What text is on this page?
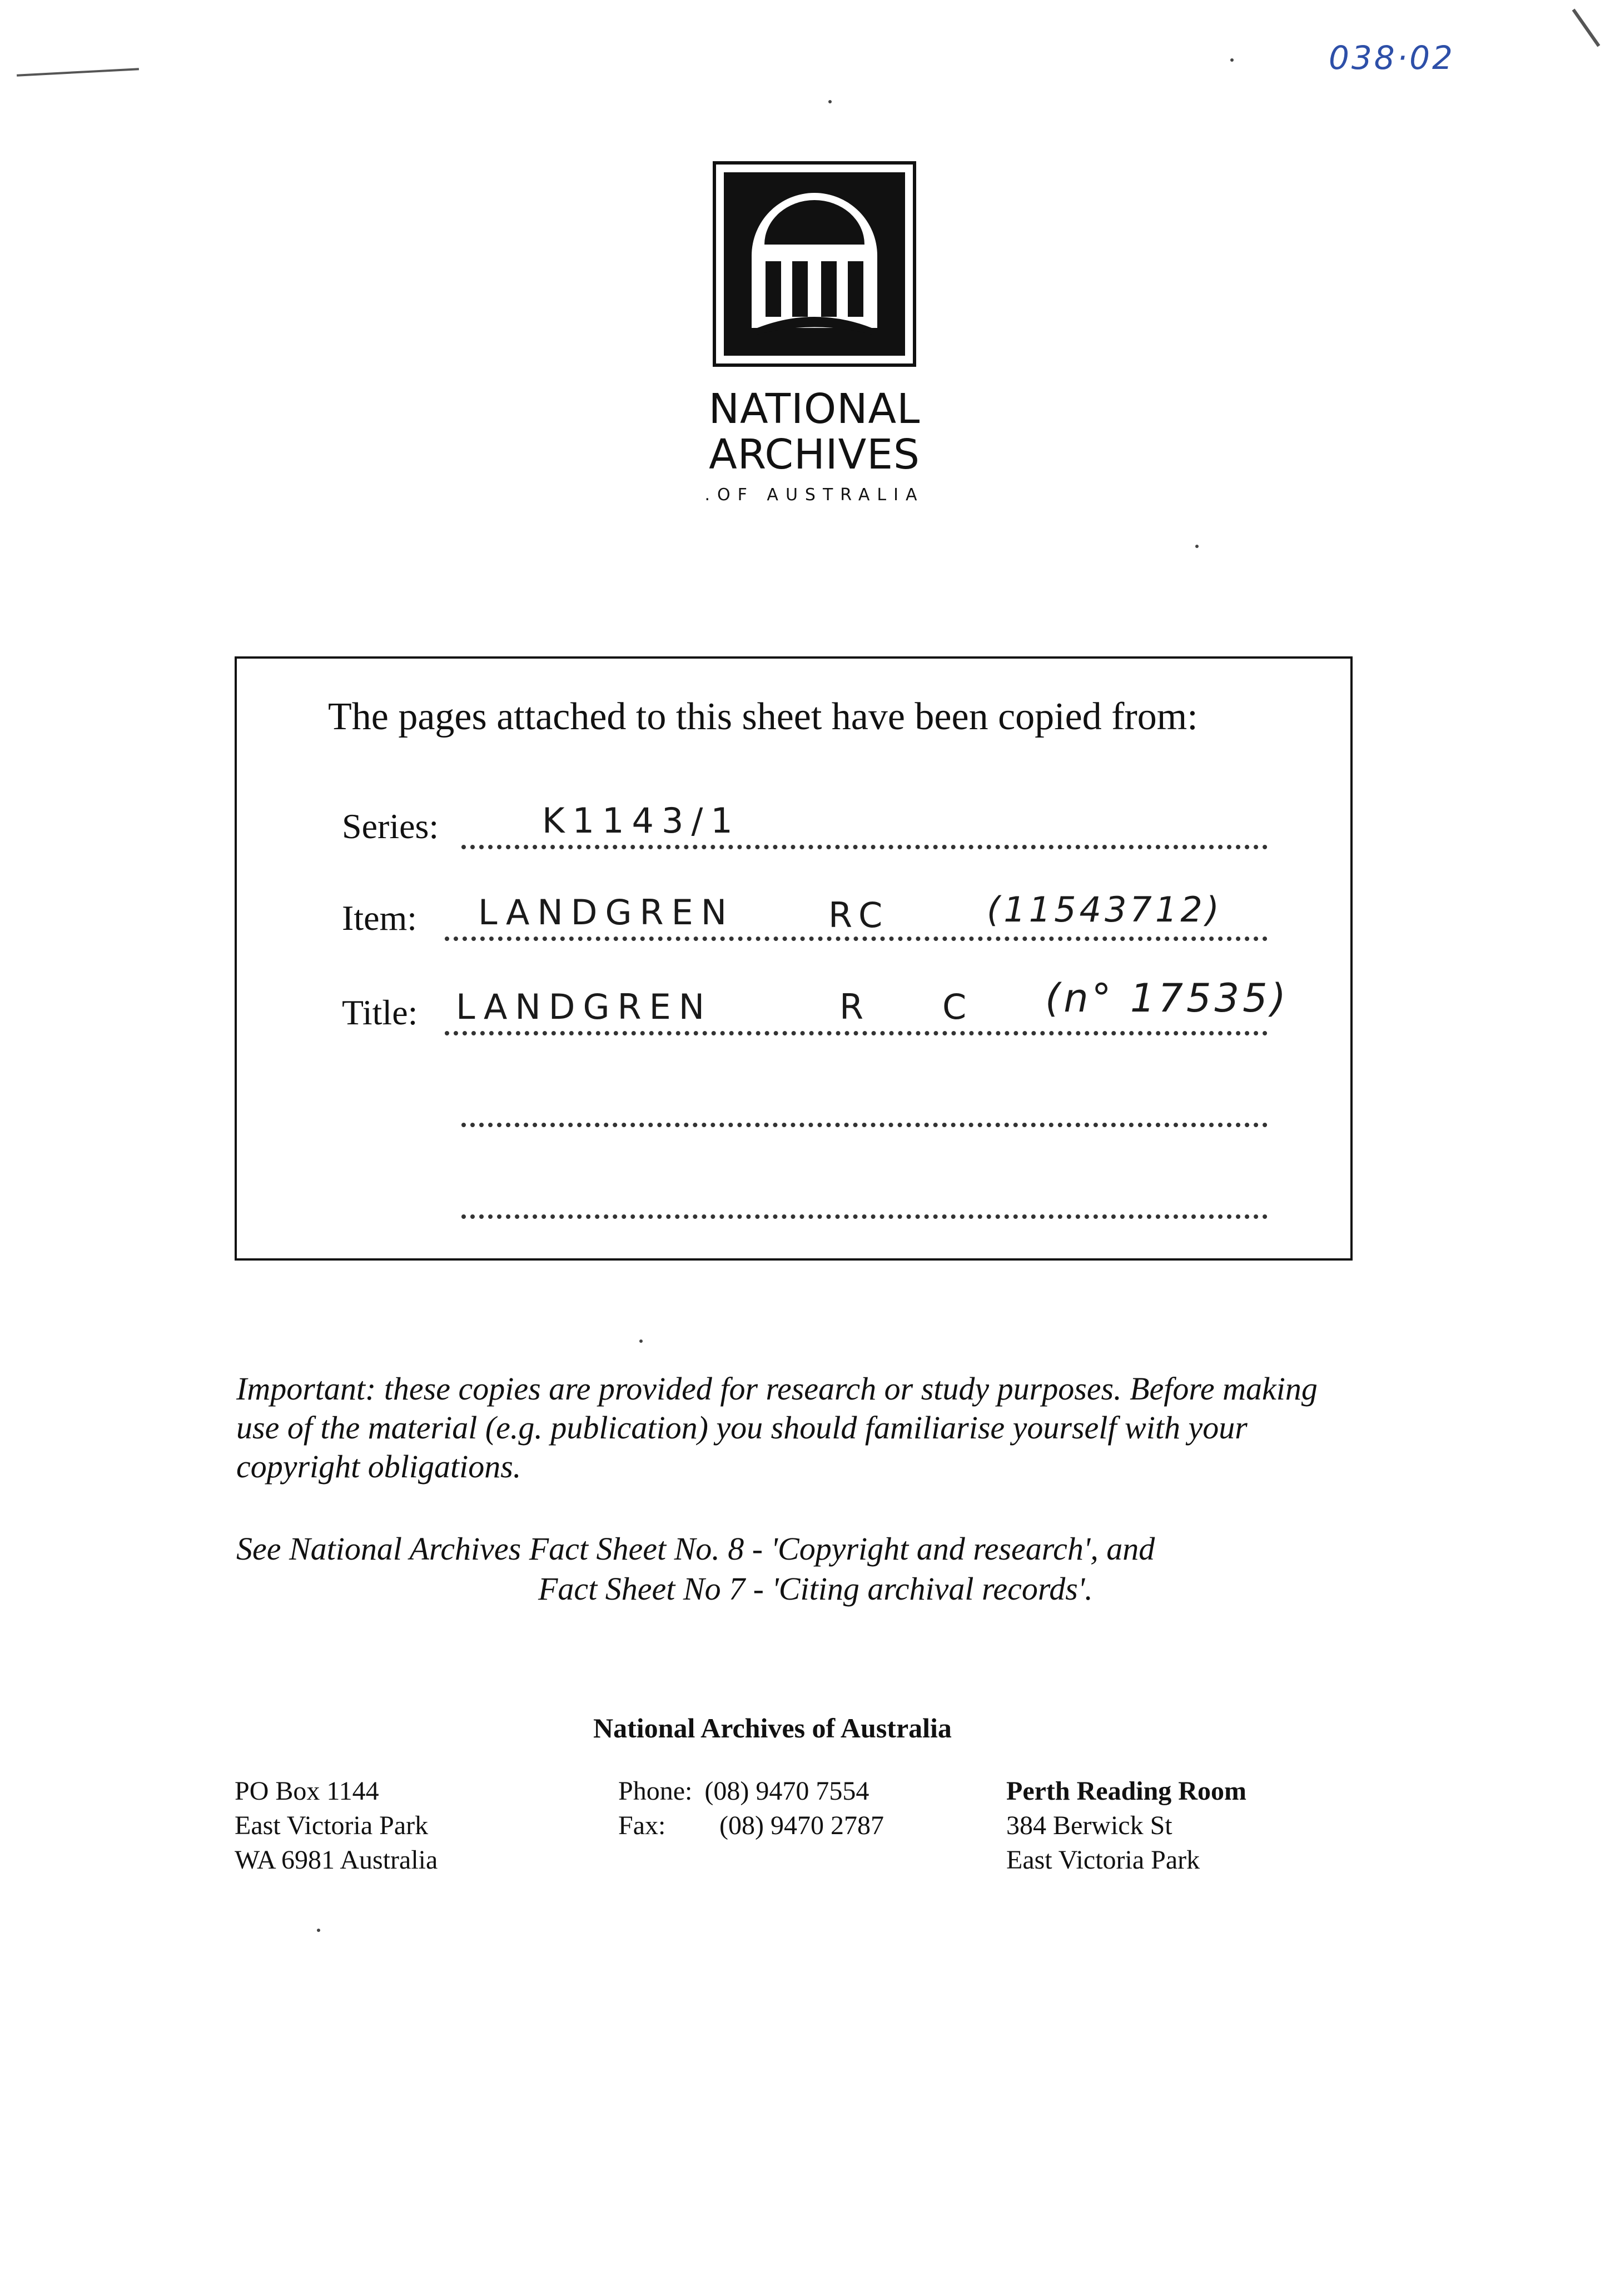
038·02
NATIONAL
ARCHIVES
.OF AUSTRALIA
The pages attached to this sheet have been copied from:
Series:	K1143/1
Item: LANDGREN	RC	(11543712)
Title: LANDGREN	R C (n° 17535)
Important: these copies are provided for research or study purposes. Before making
use of the material (e.g. publication) you should familiarise yourself with your
copyright obligations.
See National Archives Fact Sheet No. 8 - 'Copyright and research', and
Fact Sheet No 7 - 'Citing archival records'.
National Archives of Australia
PO Box 1144
East Victoria Park
WA 6981 Australia
Phone: (08) 9470 7554
Fax: (08) 9470 2787
Perth Reading Room
384 Berwick St
East Victoria Park
